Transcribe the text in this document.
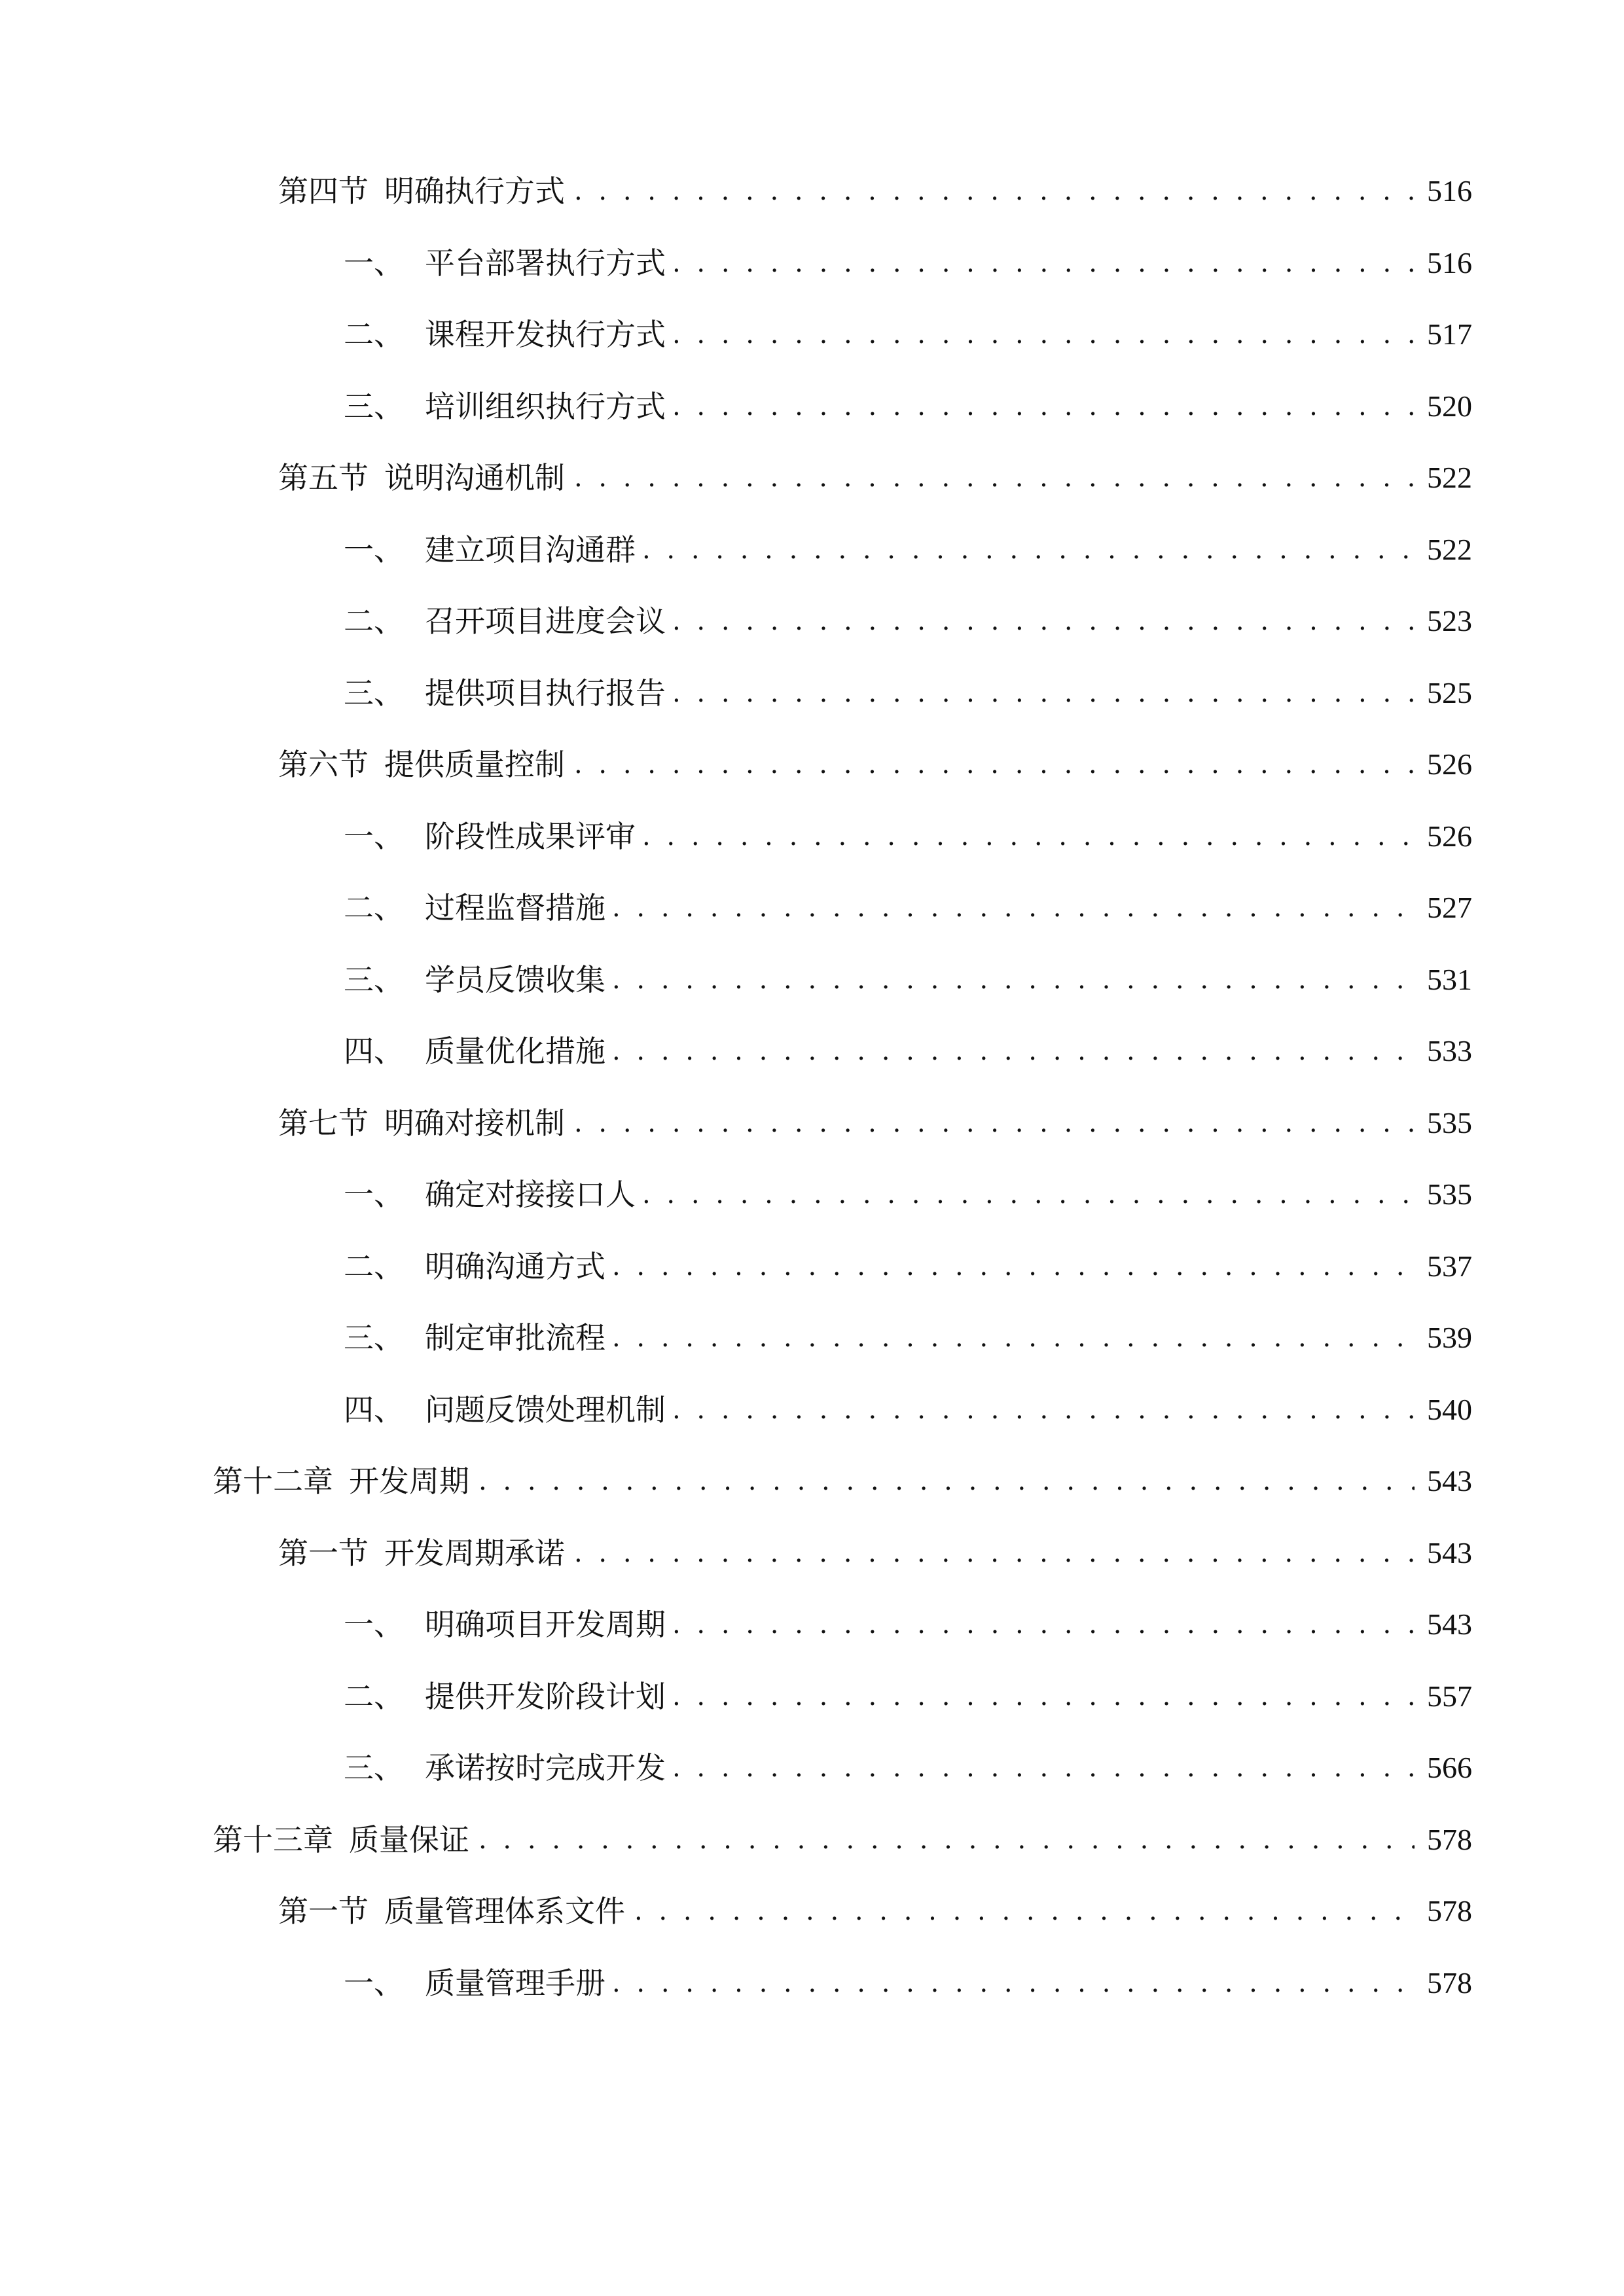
第四节 明确执行方式 . . .	516
一、 平台部署执行方式 . . .	516
二、 课程开发执行方式 . . .	517
三、 培训组织执行方式 . . .	520
第五节 说明沟通机制 . . .	522
一、 建立项目沟通群 . . .	522
二、 召开项目进度会议 . . .	523
三、 提供项目执行报告 . . .	525
第六节 提供质量控制 . . .	526
一、 阶段性成果评审 . . .	526
二、 过程监督措施 . . .	527
三、 学员反馈收集 . . .	531
四、 质量优化措施 . . .	533
第七节 明确对接机制 . . .	535
一、 确定对接接口人 . . .	535
二、 明确沟通方式 . . .	537
三、 制定审批流程 . . .	539
四、 问题反馈处理机制 . . .	540
第十二章 开发周期 . . .	543
第一节 开发周期承诺 . . .	543
一、 明确项目开发周期 . . .	543
二、 提供开发阶段计划 . . .	557
三、 承诺按时完成开发 . . .	566
第十三章 质量保证 . . .	578
第一节 质量管理体系文件 . . .	578
一、 质量管理手册 . . .	578
